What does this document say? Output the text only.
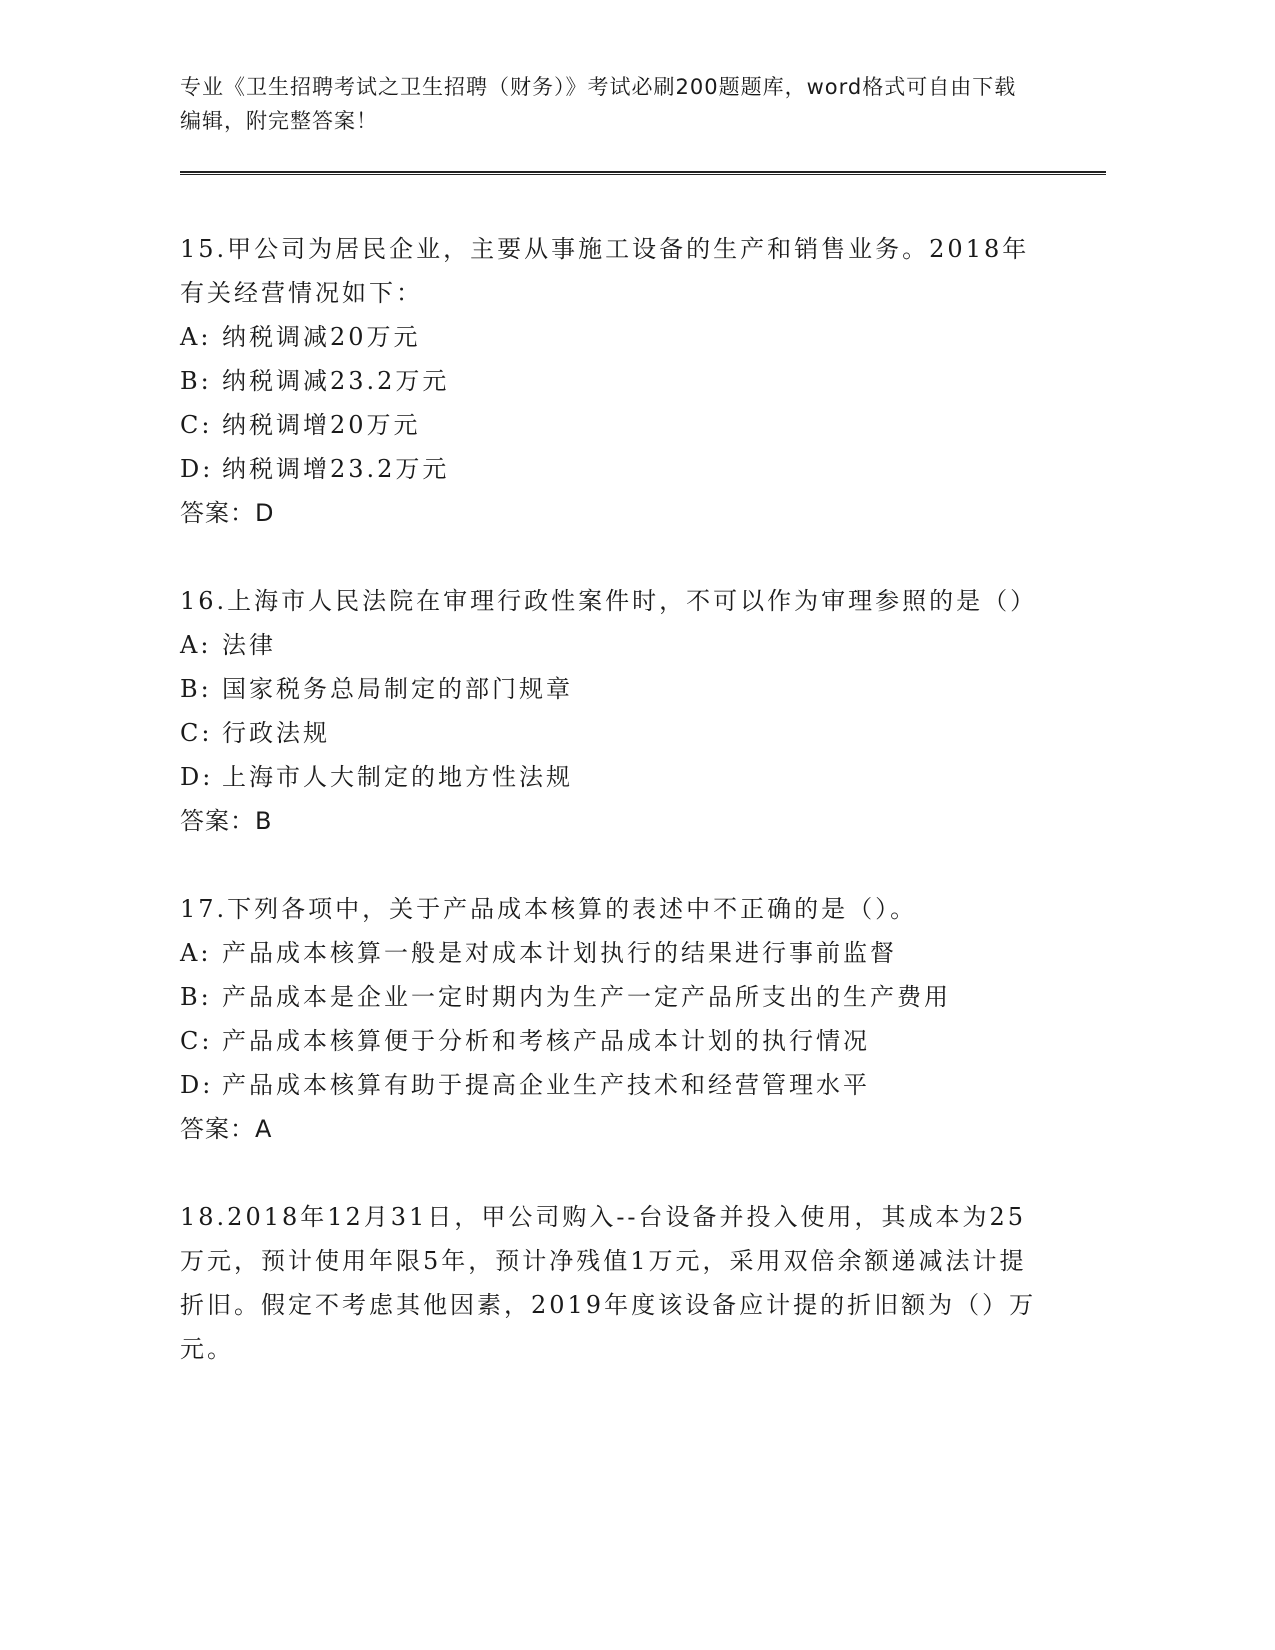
专业《卫生招聘考试之卫生招聘（财务）》考试必刷200题题库，word格式可自由下载编辑，附完整答案！

15.甲公司为居民企业，主要从事施工设备的生产和销售业务。2018年有关经营情况如下：

A: 纳税调减20万元

B: 纳税调减23.2万元

C: 纳税调增20万元

D: 纳税调增23.2万元

答案：D

16.上海市人民法院在审理行政性案件时，不可以作为审理参照的是（）

A: 法律

B: 国家税务总局制定的部门规章

C: 行政法规

D: 上海市人大制定的地方性法规

答案：B

17.下列各项中，关于产品成本核算的表述中不正确的是（）。

A: 产品成本核算一般是对成本计划执行的结果进行事前监督

B: 产品成本是企业一定时期内为生产一定产品所支出的生产费用

C: 产品成本核算便于分析和考核产品成本计划的执行情况

D: 产品成本核算有助于提高企业生产技术和经营管理水平

答案：A

18.2018年12月31日，甲公司购入--台设备并投入使用，其成本为25万元，预计使用年限5年，预计净残值1万元，采用双倍余额递减法计提折旧。假定不考虑其他因素，2019年度该设备应计提的折旧额为（）万元。
